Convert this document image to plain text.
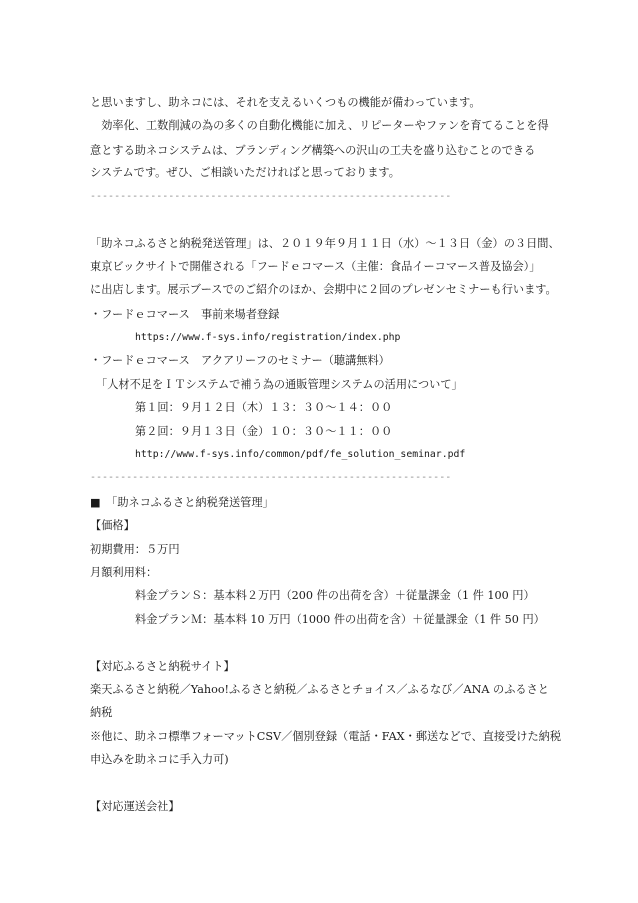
と思いますし、助ネコには、それを支えるいくつもの機能が備わっています。
　効率化、工数削減の為の多くの自動化機能に加え、リピーターやファンを育てることを得
意とする助ネコシステムは、ブランディング構築への沢山の工夫を盛り込むことのできる
システムです。ぜひ、ご相談いただければと思っております。
------------------------------------------------------------
「助ネコふるさと納税発送管理」は、２０１９年９月１１日（水）～１３日（金）の３日間、
東京ビックサイトで開催される「フードｅコマース（主催：食品イーコマース普及協会）」
に出店します。展示ブースでのご紹介のほか、会期中に２回のプレゼンセミナーも行います。
・フードｅコマース　事前来場者登録
https://www.f-sys.info/registration/index.php
・フードｅコマース　アクアリーフのセミナー（聴講無料）
「人材不足をＩＴシステムで補う為の通販管理システムの活用について」
第１回：９月１２日（木）１３：３０～１４：００
第２回：９月１３日（金）１０：３０～１１：００
http://www.f-sys.info/common/pdf/fe_solution_seminar.pdf
------------------------------------------------------------
■　「助ネコふるさと納税発送管理」
【価格】
初期費用：５万円
月額利用料：
料金プランＳ：基本料２万円（200 件の出荷を含）＋従量課金（1 件 100 円）
料金プランＭ：基本料 10 万円（1000 件の出荷を含）＋従量課金（1 件 50 円）
【対応ふるさと納税サイト】
楽天ふるさと納税／Yahoo!ふるさと納税／ふるさとチョイス／ふるなび／ANA のふるさと
納税
※他に、助ネコ標準フォーマットCSV／個別登録（電話・FAX・郵送などで、直接受けた納税
申込みを助ネコに手入力可)
【対応運送会社】
